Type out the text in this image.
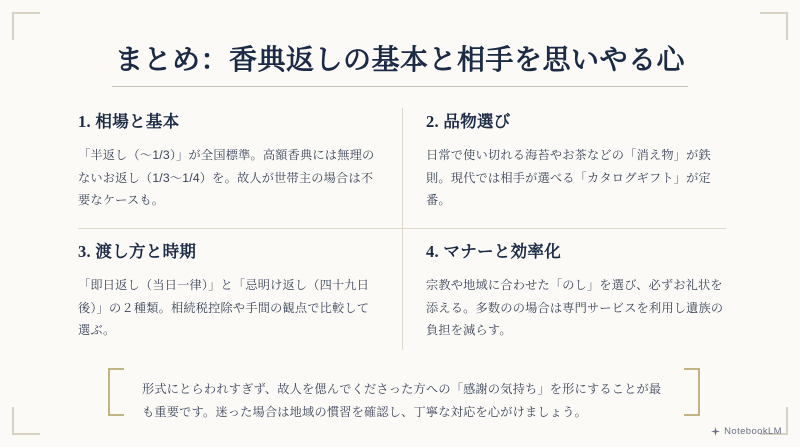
まとめ：香典返しの基本と相手を思いやる心
1. 相場と基本

「半返し（〜1/3）」が全国標準。高額香典には無理のないお返し（1/3〜1/4）を。故人が世帯主の場合は不要なケースも。

2. 品物選び

日常で使い切れる海苔やお茶などの「消え物」が鉄則。現代では相手が選べる「カタログギフト」が定番。

3. 渡し方と時期

「即日返し（当日一律）」と「忌明け返し（四十九日後）」の２種類。相続税控除や手間の観点で比較して選ぶ。

4. マナーと効率化

宗教や地域に合わせた「のし」を選び、必ずお礼状を添える。多数のの場合は専門サービスを利用し遺族の負担を減らす。

形式にとらわれすぎず、故人を偲んでくださった方への「感謝の気持ち」を形にすることが最も重要です。迷った場合は地域の慣習を確認し、丁寧な対応を心がけましょう。

NotebookLM
